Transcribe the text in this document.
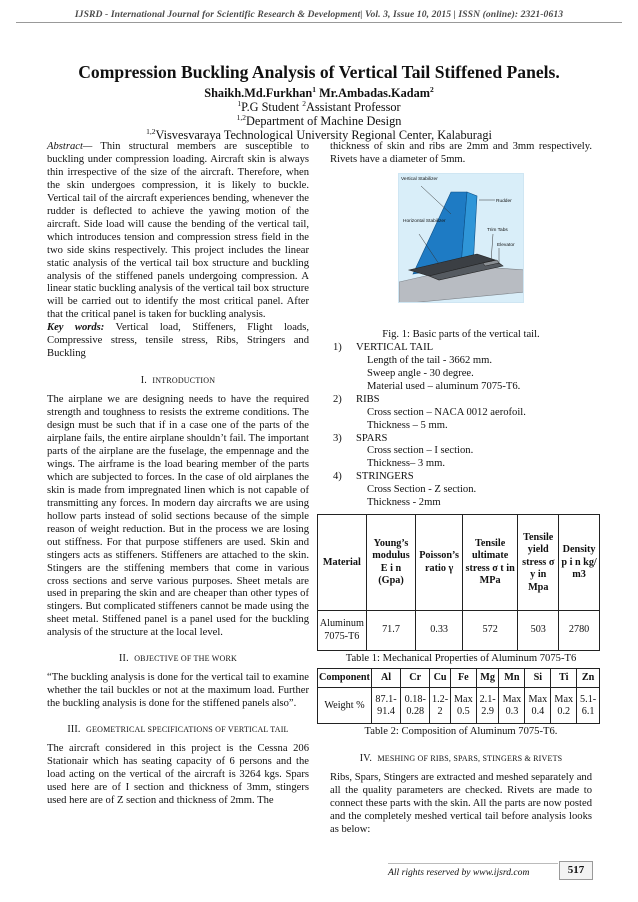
IJSRD - International Journal for Scientific Research & Development| Vol. 3, Issue 10, 2015 | ISSN (online): 2321-0613
Compression Buckling Analysis of Vertical Tail Stiffened Panels.
Shaikh.Md.Furkhan$^1$ Mr.Ambadas.Kadam$^2$
$^1$P.G Student $^2$Assistant Professor
$^{1,2}$Department of Machine Design
$^{1,2}$Visvesvaraya Technological University Regional Center, Kalaburagi

Abstract— Thin structural members are susceptible to buckling under compression loading. Aircraft skin is always thin irrespective of the size of the aircraft. Therefore, when the skin undergoes compression, it is likely to buckle. Vertical tail of the aircraft experiences bending, whenever the rudder is deflected to achieve the yawing motion of the aircraft. Side load will cause the bending of the vertical tail, which introduces tension and compression stress field in the two side skins respectively. This project includes the linear static analysis of the vertical tail box structure and buckling analysis of the stiffened panels undergoing compression. A linear static buckling analysis of the vertical tail box structure will be carried out to identify the most critical panel. After that the critical panel is taken for buckling analysis.

Key words: Vertical load, Stiffeners, Flight loads, Compressive stress, tensile stress, Ribs, Stringers and Buckling

I. INTRODUCTION

The airplane we are designing needs to have the required strength and toughness to resists the extreme conditions. The design must be such that if in a case one of the parts of the airplane fails, the entire airplane shouldn’t fail. The important parts of the airplane are the fuselage, the empennage and the wings. The airframe is the load bearing member of the parts which are subjected to forces. In the case of old airplanes the skin is made from impregnated linen which is not capable of transmitting any forces. In modern day aircrafts we are using hollow parts instead of solid sections because of the simple reason of weight reduction. But in the process we are losing out stiffness. For that purpose stiffeners are used. Skin and stingers acts as stiffeners. Stiffeners are attached to the skin. Stingers are the stiffening members that come in various cross sections and serve various purposes. Sheet metals are used in preparing the skin and are cheaper than other types of stingers. But complicated stiffeners cannot be made using the sheet metal. Stiffened panel is a panel used for the buckling analysis of the structure at the local level.

II. OBJECTIVE OF THE WORK

“The buckling analysis is done for the vertical tail to examine whether the tail buckles or not at the maximum load. Further the buckling analysis is done for the stiffened panels also”.

III. GEOMETRICAL SPECIFICATIONS OF VERTICAL TAIL

The aircraft considered in this project is the Cessna 206 Stationair which has seating capacity of 6 persons and the load acting on the vertical of the aircraft is 3264 kgs. Spars used here are of I section and thickness of 3mm, stingers used here are of Z section and thickness of 2mm. The

thickness of skin and ribs are 2mm and 3mm respectively. Rivets have a diameter of 5mm.

Vertical Stabilizer
Rudder
Horizontal Stabilizer
Trim Tabs
Elevator
Fig. 1: Basic parts of the vertical tail.
1) VERTICAL TAIL
Length of the tail - 3662 mm.
Sweep angle - 30 degree.
Material used – aluminum 7075-T6.
2) RIBS
Cross section – NACA 0012 aerofoil.
Thickness – 5 mm.
3) SPARS
Cross section – I section.
Thickness– 3 mm.
4) STRINGERS
Cross Section - Z section.
Thickness - 2mm
Material	Young’s modulus E i n (Gpa)	Poisson’s ratio γ	Tensile ultimate stress σ t in MPa	Tensile yield stress σ y in Mpa	Density p i n kg/ m3
Aluminum 7075-T6	71.7	0.33	572	503	2780
Table 1: Mechanical Properties of Aluminum 7075-T6
Component	Al	Cr	Cu	Fe	Mg	Mn	Si	Ti	Zn
Weight %	87.1-91.4	0.18-0.28	1.2-2	Max 0.5	2.1-2.9	Max 0.3	Max 0.4	Max 0.2	5.1-6.1
Table 2: Composition of Aluminum 7075-T6.
IV. MESHING OF RIBS, SPARS, STINGERS & RIVETS

Ribs, Spars, Stingers are extracted and meshed separately and all the quality parameters are checked. Rivets are made to connect these parts with the skin. All the parts are now posted and the completely meshed vertical tail before analysis looks as below:

All rights reserved by www.ijsrd.com	517
